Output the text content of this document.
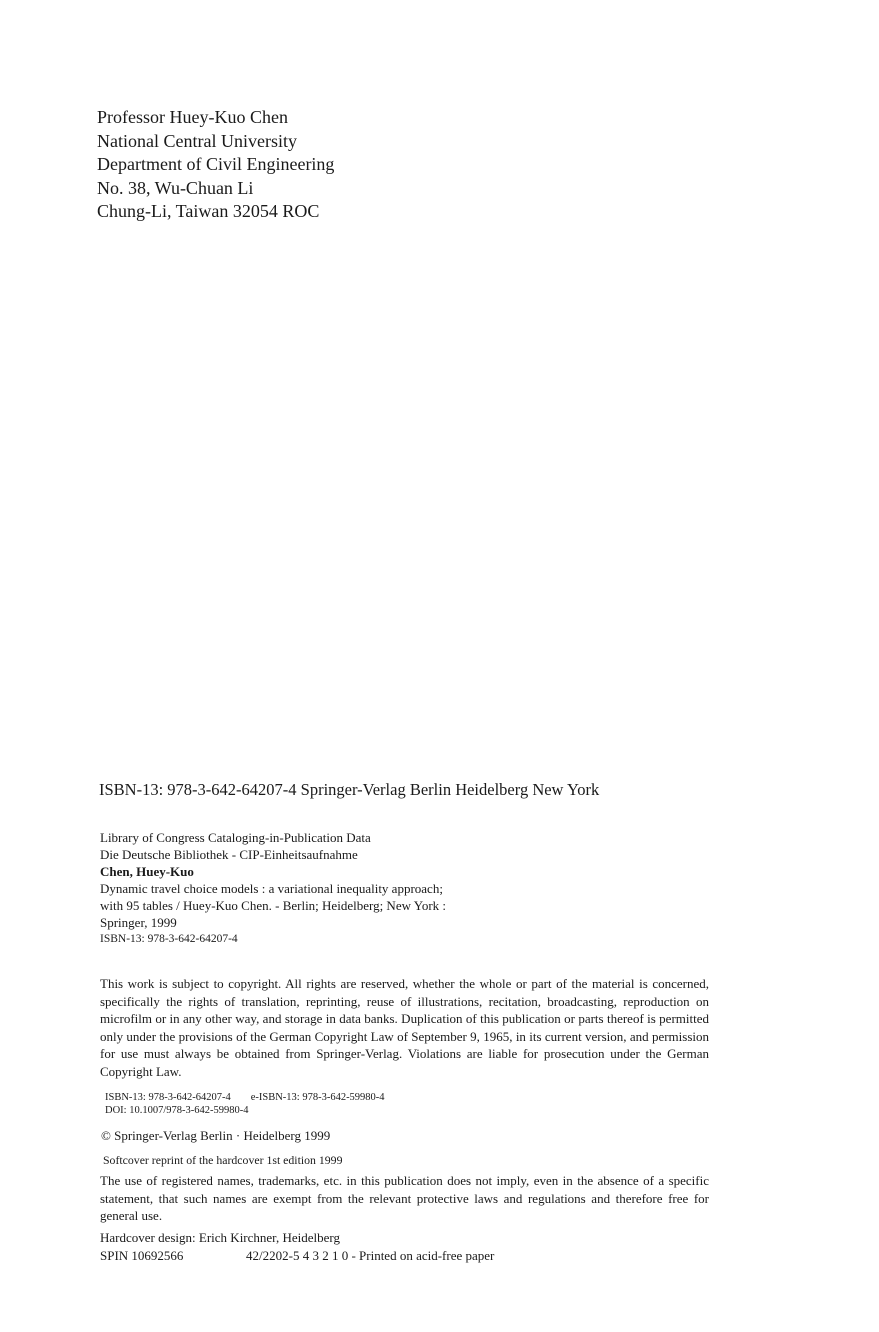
Professor Huey-Kuo Chen
National Central University
Department of Civil Engineering
No. 38, Wu-Chuan Li
Chung-Li, Taiwan 32054 ROC
ISBN-13: 978-3-642-64207-4 Springer-Verlag Berlin Heidelberg New York
Library of Congress Cataloging-in-Publication Data
Die Deutsche Bibliothek - CIP-Einheitsaufnahme
Chen, Huey-Kuo
Dynamic travel choice models : a variational inequality approach;
with 95 tables / Huey-Kuo Chen. - Berlin; Heidelberg; New York :
Springer, 1999
ISBN-13: 978-3-642-64207-4
This work is subject to copyright. All rights are reserved, whether the whole or part of the material is concerned, specifically the rights of translation, reprinting, reuse of illustrations, recitation, broadcasting, reproduction on microfilm or in any other way, and storage in data banks. Duplication of this publication or parts thereof is permitted only under the provisions of the German Copyright Law of September 9, 1965, in its current version, and permission for use must always be obtained from Springer-Verlag. Violations are liable for prosecution under the German Copyright Law.
ISBN-13: 978-3-642-64207-4 e-ISBN-13: 978-3-642-59980-4
DOI: 10.1007/978-3-642-59980-4
© Springer-Verlag Berlin · Heidelberg 1999
Softcover reprint of the hardcover 1st edition 1999
The use of registered names, trademarks, etc. in this publication does not imply, even in the absence of a specific statement, that such names are exempt from the relevant protective laws and regulations and therefore free for general use.
Hardcover design: Erich Kirchner, Heidelberg
SPIN 10692566	42/2202-5 4 3 2 1 0 - Printed on acid-free paper
